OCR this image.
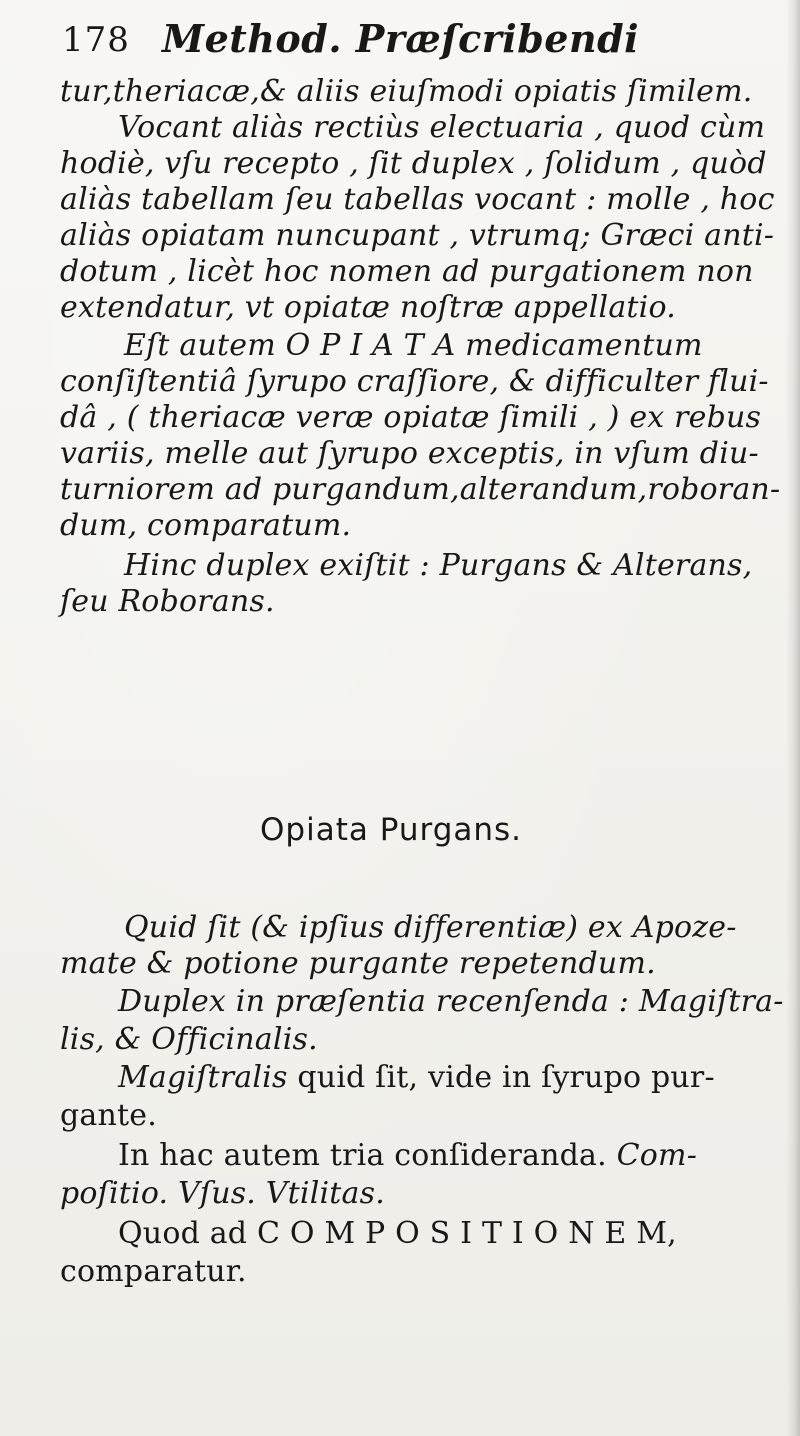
178 Method. Præſcribendi
tur,theriacæ,& aliis eiuſmodi opiatis ſimilem.
Vocant aliàs rectiùs electuaria , quod cùm
hodiè, vſu recepto , ſit duplex , ſolidum , quòd
aliàs tabellam ſeu tabellas vocant : molle , hoc
aliàs opiatam nuncupant , vtrumq; Græci anti-
dotum , licèt hoc nomen ad purgationem non
extendatur, vt opiatæ noſtræ appellatio.
Eſt autem O P I A T A medicamentum
conſiſtentiâ ſyrupo craſſiore, & difficulter flui-
dâ , ( theriacæ veræ opiatæ ſimili , ) ex rebus
variis, melle aut ſyrupo exceptis, in vſum diu-
turniorem ad purgandum,alterandum,roboran-
dum, comparatum.
Hinc duplex exiſtit : Purgans & Alterans,
ſeu Roborans.
Quid ſit (& ipſius differentiæ) ex Apoze-
mate & potione purgante repetendum.
Duplex in præſentia recenſenda : Magiſtra-
lis, & Officinalis.
Magiſtralis quid ſit, vide in ſyrupo pur-
gante.
In hac autem tria conſideranda. Com-
poſitio. Vſus. Vtilitas.
Quod ad C O M P O S I T I O N E M,
comparatur.
Opiata Purgans.
